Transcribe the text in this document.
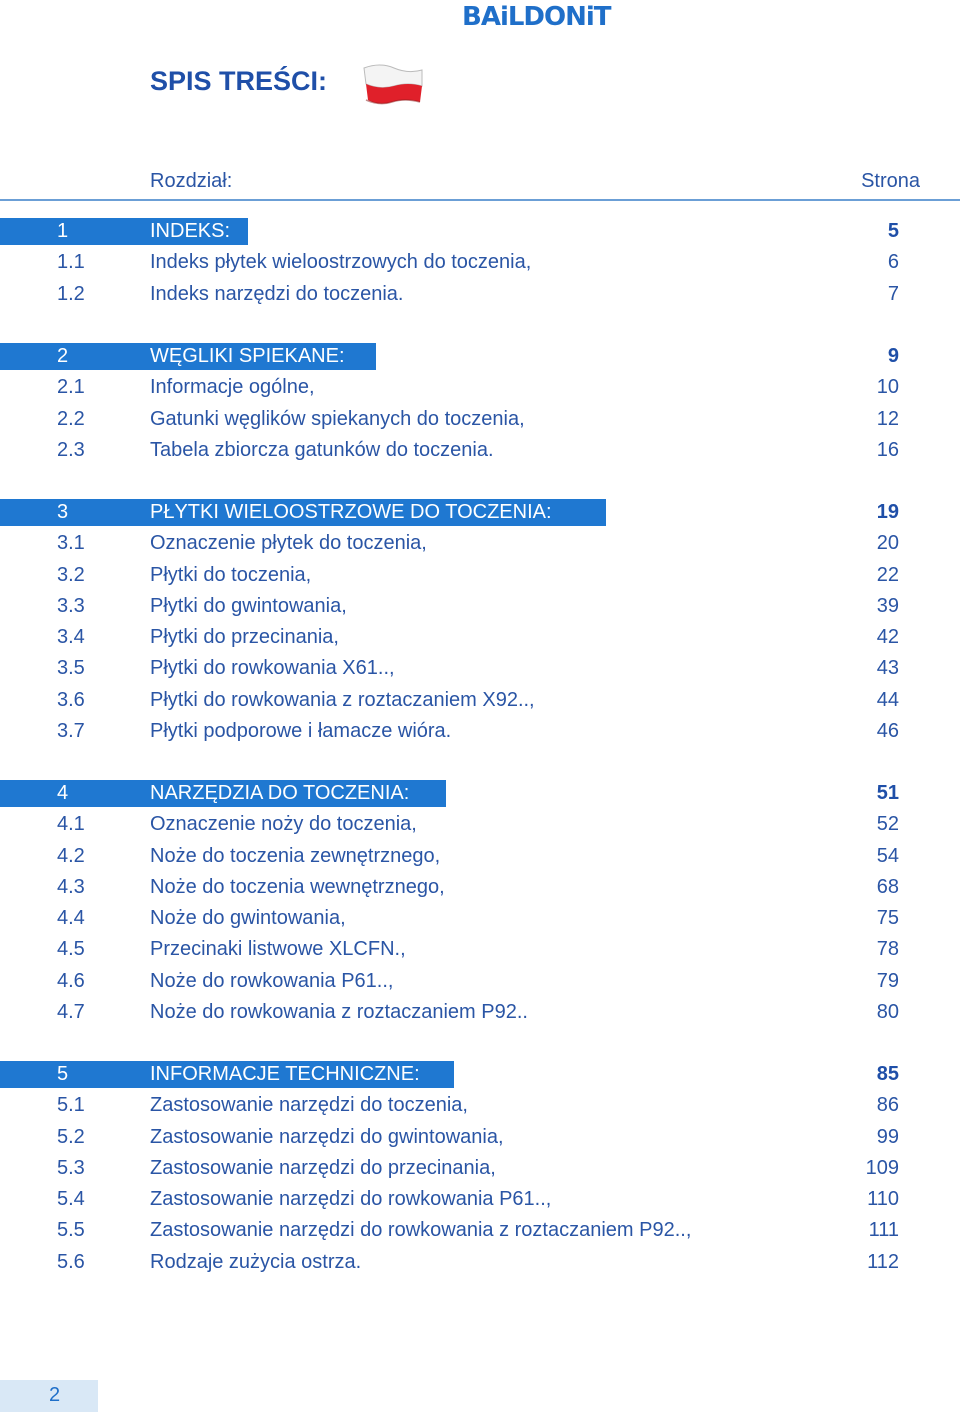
BAiLDONiT
SPIS TREŚCI:
Rozdział:	Strona
1	INDEKS:	5
1.1	Indeks płytek wieloostrzowych do toczenia,	6
1.2	Indeks narzędzi do toczenia.	7
2	WĘGLIKI SPIEKANE:	9
2.1	Informacje ogólne,	10
2.2	Gatunki węglików spiekanych do toczenia,	12
2.3	Tabela zbiorcza gatunków do toczenia.	16
3	PŁYTKI WIELOOSTRZOWE DO TOCZENIA:	19
3.1	Oznaczenie płytek do toczenia,	20
3.2	Płytki do toczenia,	22
3.3	Płytki do gwintowania,	39
3.4	Płytki do przecinania,	42
3.5	Płytki do rowkowania X61..,	43
3.6	Płytki do rowkowania z roztaczaniem X92..,	44
3.7	Płytki podporowe i łamacze wióra.	46
4	NARZĘDZIA DO TOCZENIA:	51
4.1	Oznaczenie noży do toczenia,	52
4.2	Noże do toczenia zewnętrznego,	54
4.3	Noże do toczenia wewnętrznego,	68
4.4	Noże do gwintowania,	75
4.5	Przecinaki listwowe XLCFN.,	78
4.6	Noże do rowkowania P61..,	79
4.7	Noże do rowkowania z roztaczaniem P92..	80
5	INFORMACJE TECHNICZNE:	85
5.1	Zastosowanie narzędzi do toczenia,	86
5.2	Zastosowanie narzędzi do gwintowania,	99
5.3	Zastosowanie narzędzi do przecinania,	109
5.4	Zastosowanie narzędzi do rowkowania P61..,	110
5.5	Zastosowanie narzędzi do rowkowania z roztaczaniem P92..,	111
5.6	Rodzaje zużycia ostrza.	112
2
